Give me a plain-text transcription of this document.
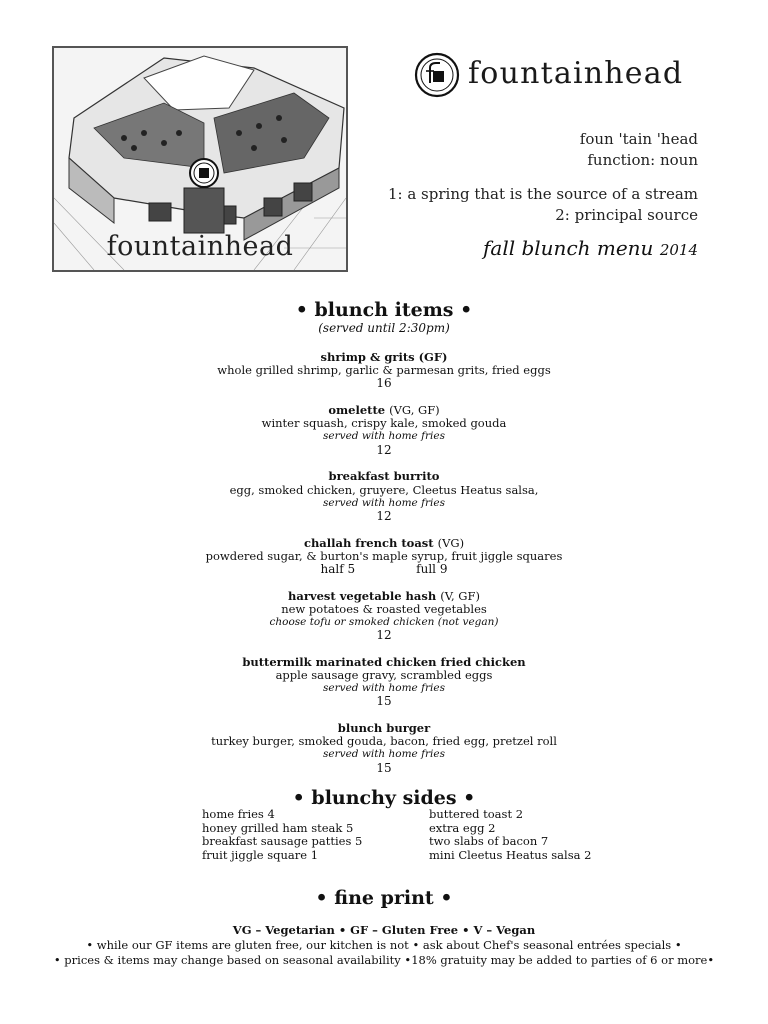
fountainhead
fountainhead
foun 'tain 'head
function: noun
1: a spring that is the source of a stream
2: principal source
fall blunch menu 2014
• blunch items •
(served until 2:30pm)
shrimp & grits (GF)
whole grilled shrimp, garlic & parmesan grits, fried eggs
16
omelette (VG, GF)
winter squash, crispy kale, smoked gouda
served with home fries
12
breakfast burrito
egg, smoked chicken, gruyere, Cleetus Heatus salsa,
served with home fries
12
challah french toast (VG)
powdered sugar, & burton's maple syrup, fruit jiggle squares
half 5                full 9
harvest vegetable hash (V, GF)
new potatoes & roasted vegetables
choose tofu or smoked chicken (not vegan)
12
buttermilk marinated chicken fried chicken
apple sausage gravy, scrambled eggs
served with home fries
15
blunch burger
turkey burger, smoked gouda, bacon, fried egg, pretzel roll
served with home fries
15
• blunchy sides •
home fries 4
honey grilled ham steak 5
breakfast sausage patties 5
fruit jiggle square 1
buttered toast 2
extra egg 2
two slabs of bacon 7
mini Cleetus Heatus salsa 2
• fine print •
VG – Vegetarian • GF – Gluten Free • V – Vegan
• while our GF items are gluten free, our kitchen is not • ask about Chef's seasonal entrées specials •
• prices & items may change based on seasonal availability •18% gratuity may be added to parties of 6 or more•
